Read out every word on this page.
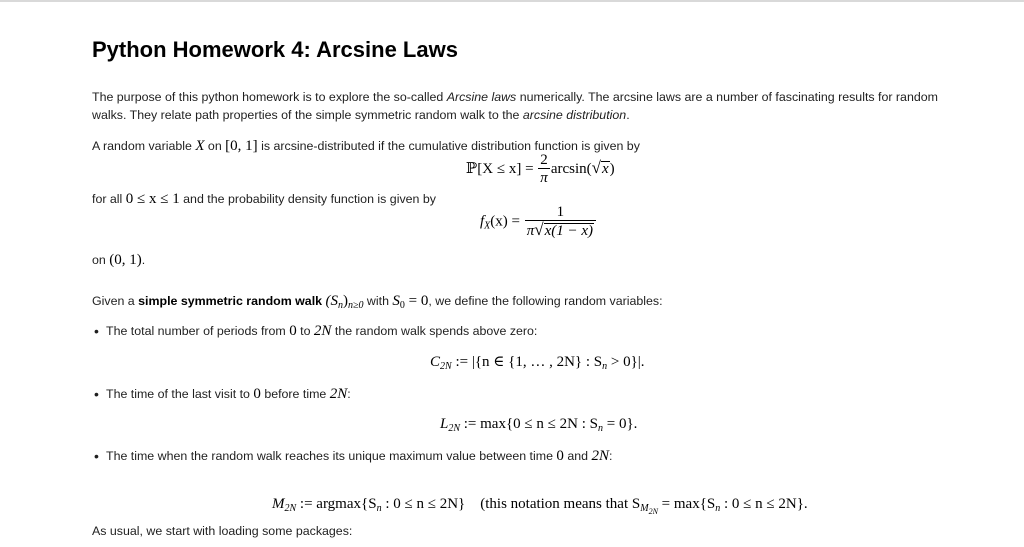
Python Homework 4: Arcsine Laws
The purpose of this python homework is to explore the so-called Arcsine laws numerically. The arcsine laws are a number of fascinating results for random
walks. They relate path properties of the simple symmetric random walk to the arcsine distribution.
A random variable X on [0, 1] is arcsine-distributed if the cumulative distribution function is given by
ℙ[X ≤ $x] = \frac{2}{\pi} \arcsin(√x)$
for all 0 ≤ x ≤ 1 and the probability density function is given by
$f_X(x) = \frac{1}{\pi√x(1 - x)}$
on (0, 1).
Given a simple symmetric random walk $(S_n)_{n\ge 0}$ with $S_0 = 0$, we define the following random variables:
• The total number of periods from 0 to 2N the random walk spends above zero:
$C_{2N}$ := |{n ∈ {1, … , 2N} : $S_n > 0\}|$.
• The time of the last visit to 0 before time 2N:
$L_{2N}$ := max{0 ≤ n ≤ 2N : $S_n = 0$}.
• The time when the random walk reaches its unique maximum value between time 0 and 2N:

$M_{2N}$ := $argmax\{S_n$ : 0 ≤ n ≤ 2N}    (this notation means that $S_{M_{2N}} = \max\{S_n$ : 0 ≤ n ≤ 2N}.

As usual, we start with loading some packages:
